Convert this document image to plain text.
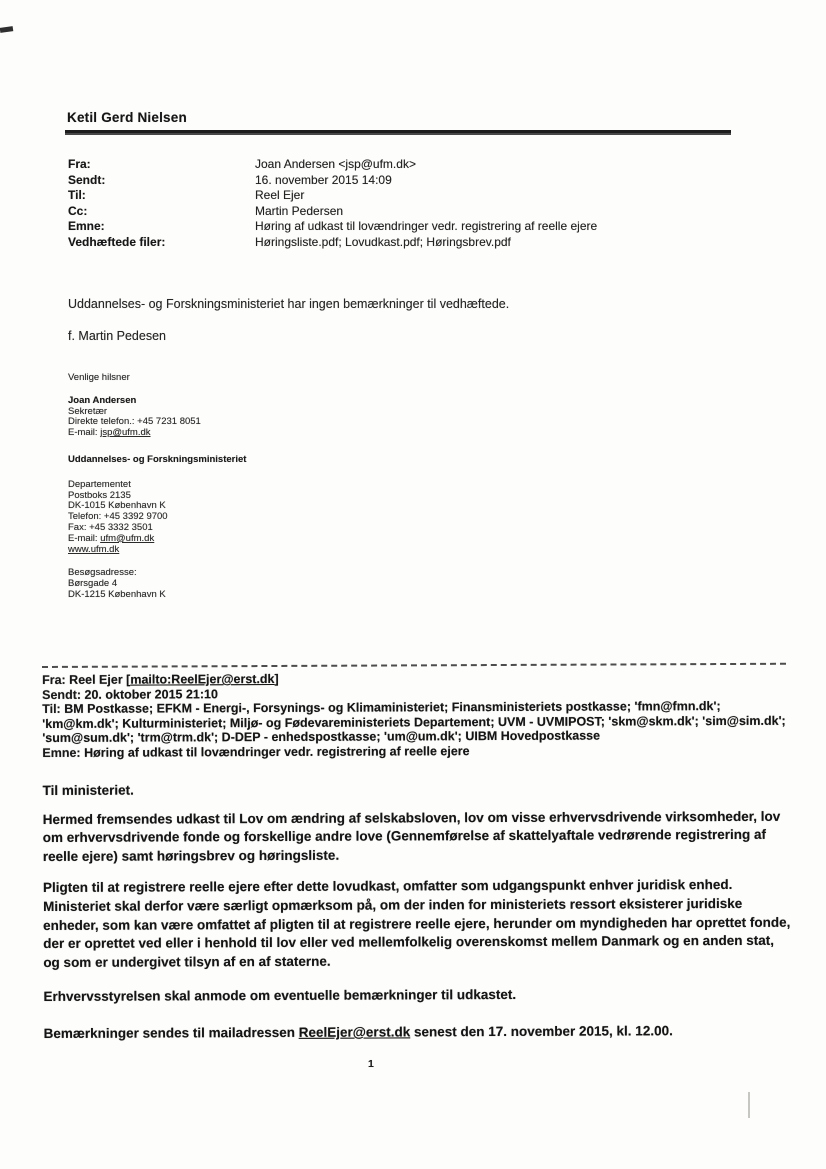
Ketil Gerd Nielsen
Fra:	Joan Andersen <jsp@ufm.dk>
Sendt:	16. november 2015 14:09
Til:	Reel Ejer
Cc:	Martin Pedersen
Emne:	Høring af udkast til lovændringer vedr. registrering af reelle ejere
Vedhæftede filer:	Høringsliste.pdf; Lovudkast.pdf; Høringsbrev.pdf

Uddannelses- og Forskningsministeriet har ingen bemærkninger til vedhæftede.

f. Martin Pedesen

Venlige hilsner

Joan Andersen

Sekretær

Direkte telefon.: +45 7231 8051

E-mail: jsp@ufm.dk

Uddannelses- og Forskningsministeriet

Departementet

Postboks 2135

DK-1015 København K

Telefon: +45 3392 9700

Fax: +45 3332 3501

E-mail: ufm@ufm.dk

www.ufm.dk

Besøgsadresse:

Børsgade 4

DK-1215 København K

Fra: Reel Ejer [mailto:ReelEjer@erst.dk]

Sendt: 20. oktober 2015 21:10

Til: BM Postkasse; EFKM - Energi-, Forsynings- og Klimaministeriet; Finansministeriets postkasse; 'fmn@fmn.dk'; 'km@km.dk'; Kulturministeriet; Miljø- og Fødevareministeriets Departement; UVM - UVMIPOST; 'skm@skm.dk'; 'sim@sim.dk'; 'sum@sum.dk'; 'trm@trm.dk'; D-DEP - enhedspostkasse; 'um@um.dk'; UIBM Hovedpostkasse

Emne: Høring af udkast til lovændringer vedr. registrering af reelle ejere

Til ministeriet.

Hermed fremsendes udkast til Lov om ændring af selskabsloven, lov om visse erhvervsdrivende virksomheder, lov om erhvervsdrivende fonde og forskellige andre love (Gennemførelse af skattelyaftale vedrørende registrering af reelle ejere) samt høringsbrev og høringsliste.

Pligten til at registrere reelle ejere efter dette lovudkast, omfatter som udgangspunkt enhver juridisk enhed. Ministeriet skal derfor være særligt opmærksom på, om der inden for ministeriets ressort eksisterer juridiske enheder, som kan være omfattet af pligten til at registrere reelle ejere, herunder om myndigheden har oprettet fonde, der er oprettet ved eller i henhold til lov eller ved mellemfolkelig overenskomst mellem Danmark og en anden stat, og som er undergivet tilsyn af en af staterne.

Erhvervsstyrelsen skal anmode om eventuelle bemærkninger til udkastet.

Bemærkninger sendes til mailadressen ReelEjer@erst.dk senest den 17. november 2015, kl. 12.00.

1
